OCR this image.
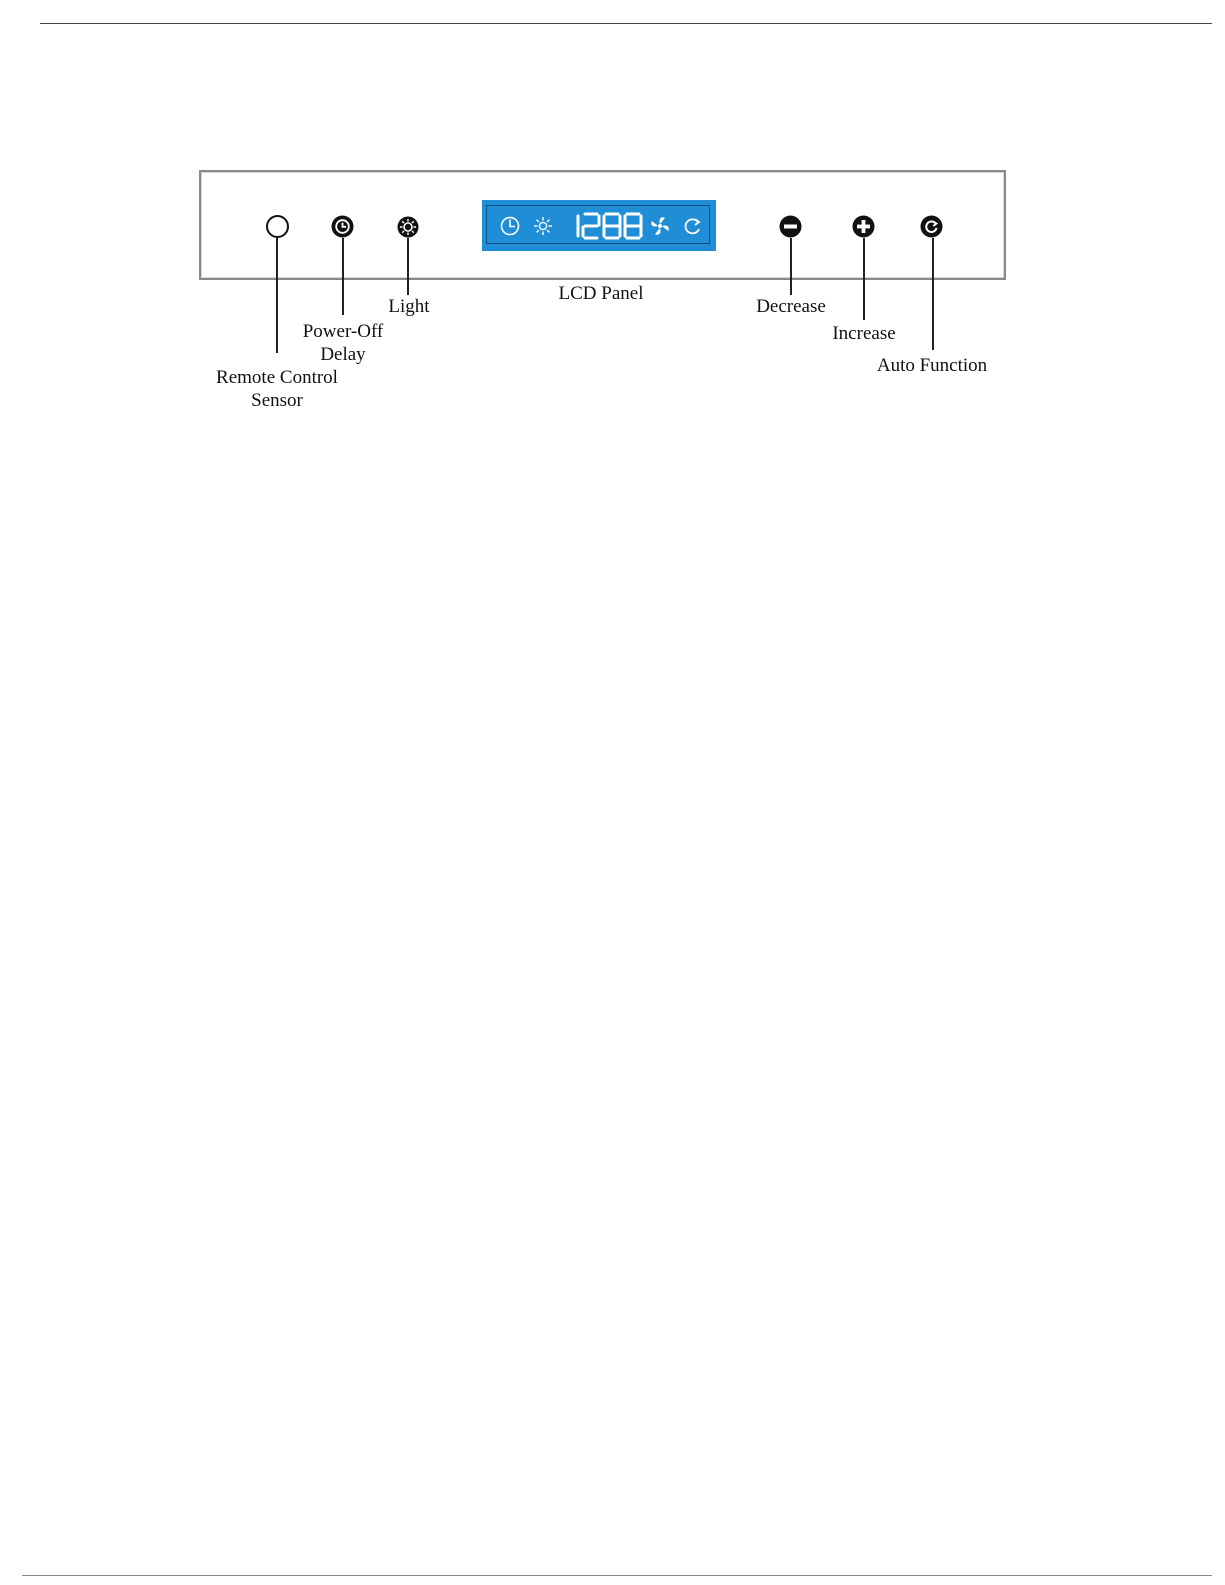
Remote Control
Sensor
Power-Off
Delay
Light
LCD Panel
Decrease
Increase
Auto Function
